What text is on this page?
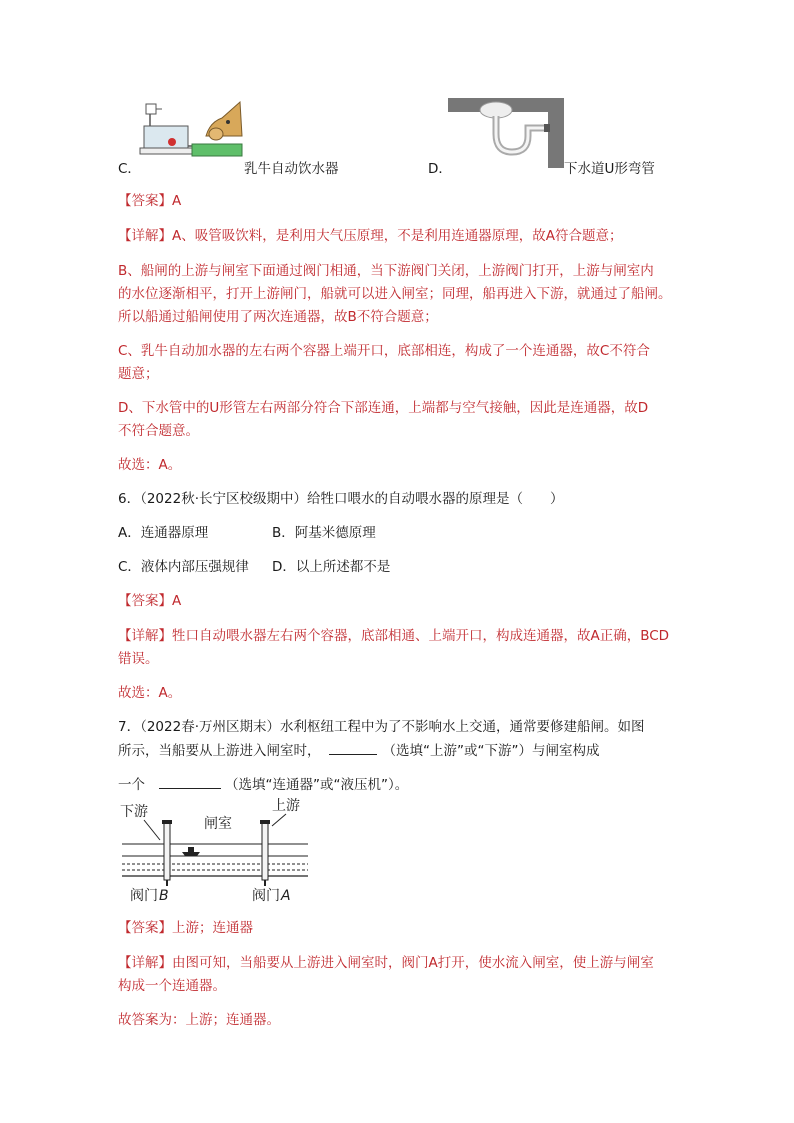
C．	乳牛自动饮水器	D．	下水道U形弯管
【答案】A
【详解】A、吸管吸饮料，是利用大气压原理，不是利用连通器原理，故A符合题意；
B、船闸的上游与闸室下面通过阀门相通，当下游阀门关闭，上游阀门打开，上游与闸室内
的水位逐渐相平，打开上游闸门，船就可以进入闸室；同理，船再进入下游，就通过了船闸。
所以船通过船闸使用了两次连通器，故B不符合题意；
C、乳牛自动加水器的左右两个容器上端开口，底部相连，构成了一个连通器，故C不符合
题意；
D、下水管中的U形管左右两部分符合下部连通，上端都与空气接触，因此是连通器，故D
不符合题意。
故选：A。
6．（2022秋·长宁区校级期中）给牲口喂水的自动喂水器的原理是（　　）
A．连通器原理	B．阿基米德原理
C．液体内部压强规律 D．以上所述都不是
【答案】A
【详解】牲口自动喂水器左右两个容器，底部相通、上端开口，构成连通器，故A正确，BCD
错误。
故选：A。
7．（2022春·万州区期末）水利枢纽工程中为了不影响水上交通，通常要修建船闸。如图
所示，当船要从上游进入闸室时，	（选填“上游”或“下游”）与闸室构成
一个	（选填“连通器”或“液压机”）。
下游
闸室
上游
阀门 B	阀门 A
【答案】上游；连通器
【详解】由图可知，当船要从上游进入闸室时，阀门A打开，使水流入闸室，使上游与闸室
构成一个连通器。
故答案为：上游；连通器。
